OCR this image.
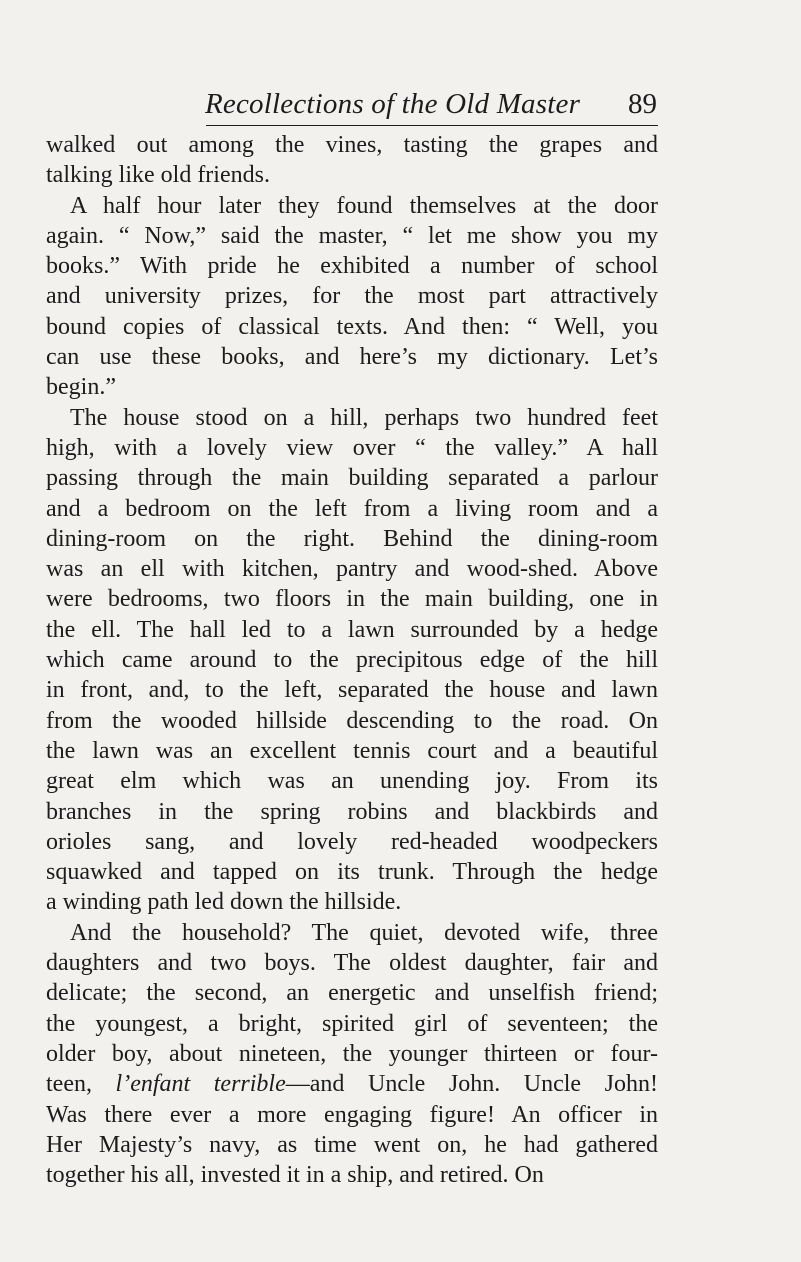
Recollections of the Old Master 89
walked out among the vines, tasting the grapes and
talking like old friends.
A half hour later they found themselves at the door
again. “ Now,” said the master, “ let me show you my
books.” With pride he exhibited a number of school
and university prizes, for the most part attractively
bound copies of classical texts. And then: “ Well, you
can use these books, and here’s my dictionary. Let’s
begin.”
The house stood on a hill, perhaps two hundred feet
high, with a lovely view over “ the valley.” A hall
passing through the main building separated a parlour
and a bedroom on the left from a living room and a
dining-room on the right. Behind the dining-room
was an ell with kitchen, pantry and wood-shed. Above
were bedrooms, two floors in the main building, one in
the ell. The hall led to a lawn surrounded by a hedge
which came around to the precipitous edge of the hill
in front, and, to the left, separated the house and lawn
from the wooded hillside descending to the road. On
the lawn was an excellent tennis court and a beautiful
great elm which was an unending joy. From its
branches in the spring robins and blackbirds and
orioles sang, and lovely red-headed woodpeckers
squawked and tapped on its trunk. Through the hedge
a winding path led down the hillside.
And the household? The quiet, devoted wife, three
daughters and two boys. The oldest daughter, fair and
delicate; the second, an energetic and unselfish friend;
the youngest, a bright, spirited girl of seventeen; the
older boy, about nineteen, the younger thirteen or four-
teen, l’enfant terrible—and Uncle John. Uncle John!
Was there ever a more engaging figure! An officer in
Her Majesty’s navy, as time went on, he had gathered
together his all, invested it in a ship, and retired. On
